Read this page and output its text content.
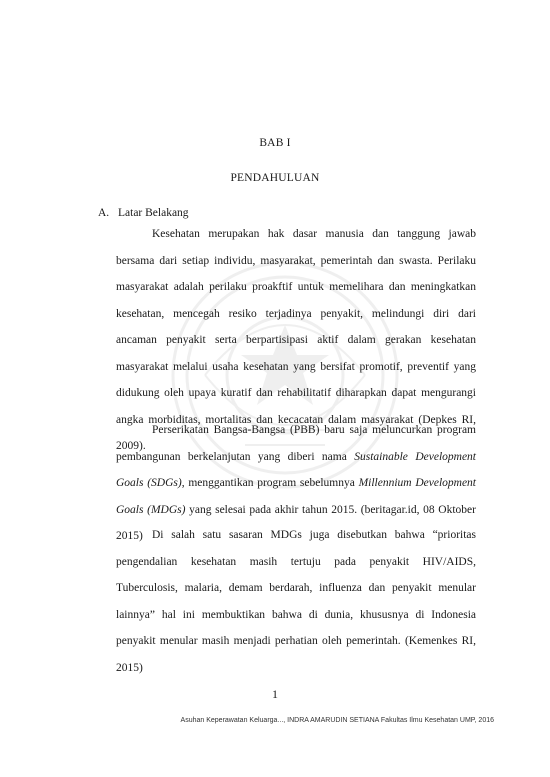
BAB I
PENDAHULUAN
A. Latar Belakang
Kesehatan merupakan hak dasar manusia dan tanggung jawab bersama dari setiap individu, masyarakat, pemerintah dan swasta. Perilaku masyarakat adalah perilaku proakftif untuk memelihara dan meningkatkan kesehatan, mencegah resiko terjadinya penyakit, melindungi diri dari ancaman penyakit serta berpartisipasi aktif dalam gerakan kesehatan masyarakat melalui usaha kesehatan yang bersifat promotif, preventif yang didukung oleh upaya kuratif dan rehabilitatif diharapkan dapat mengurangi angka morbiditas, mortalitas dan kecacatan dalam masyarakat (Depkes RI, 2009).
Perserikatan Bangsa-Bangsa (PBB) baru saja meluncurkan program pembangunan berkelanjutan yang diberi nama Sustainable Development Goals (SDGs), menggantikan program sebelumnya Millennium Development Goals (MDGs) yang selesai pada akhir tahun 2015. (beritagar.id, 08 Oktober 2015) Di salah satu sasaran MDGs juga disebutkan bahwa “prioritas pengendalian kesehatan masih tertuju pada penyakit HIV/AIDS, Tuberculosis, malaria, demam berdarah, influenza dan penyakit menular lainnya” hal ini membuktikan bahwa di dunia, khususnya di Indonesia penyakit menular masih menjadi perhatian oleh pemerintah. (Kemenkes RI, 2015)
1
Asuhan Keperawatan Keluarga..., INDRA AMARUDIN SETIANA Fakultas Ilmu Kesehatan UMP, 2016
